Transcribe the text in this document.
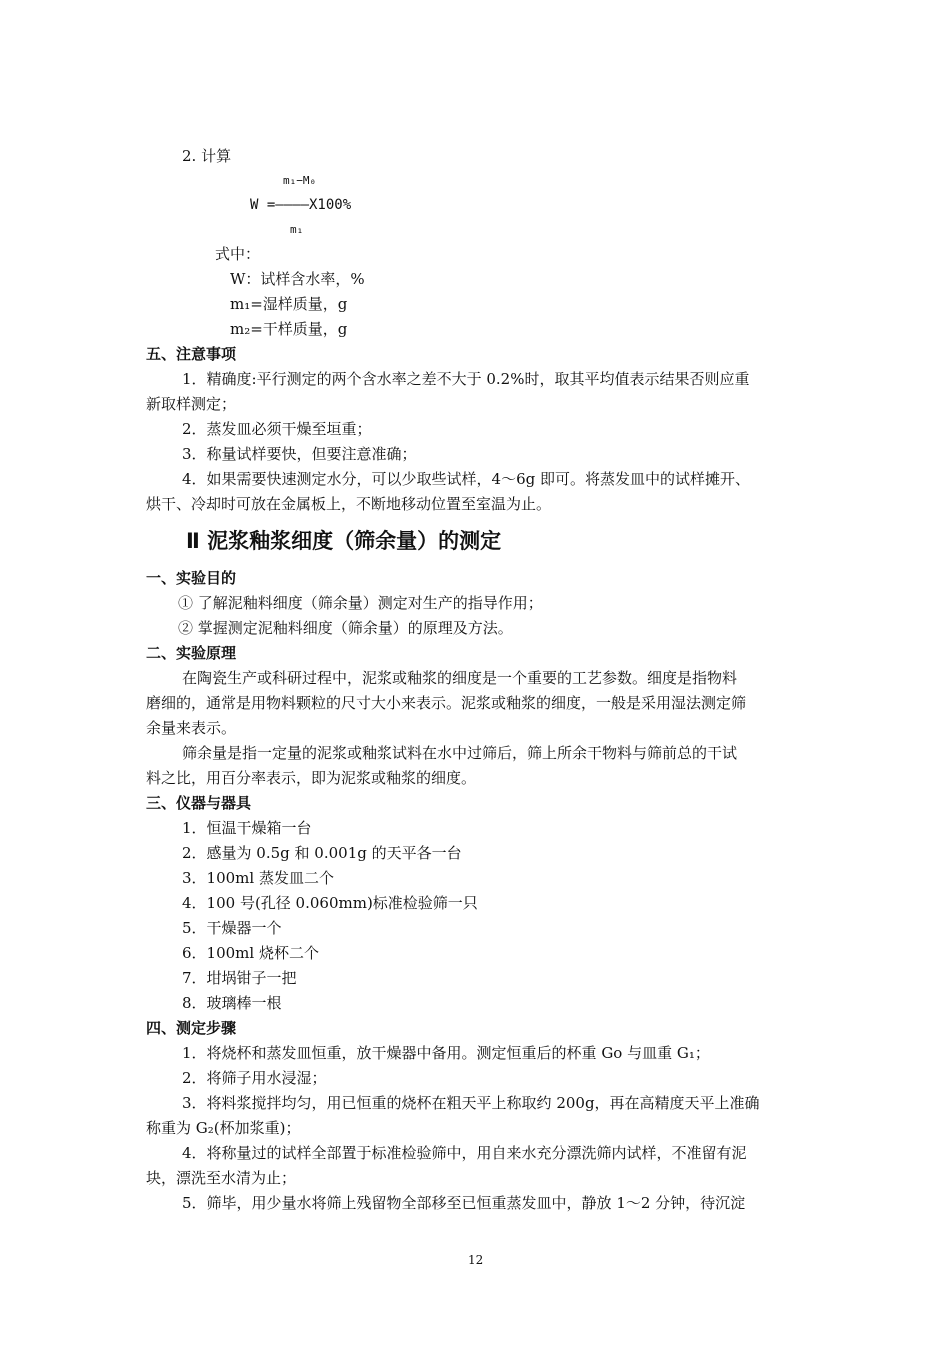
2. 计算
m₁−M₀
W =————X100%
m₁
式中：
W：试样含水率，%
m₁=湿样质量，g
m₂=干样质量，g
五、注意事项
1．精确度:平行测定的两个含水率之差不大于 0.2%时，取其平均值表示结果否则应重
新取样测定；
2．蒸发皿必须干燥至垣重；
3．称量试样要快，但要注意准确；
4．如果需要快速测定水分，可以少取些试样，4～6g 即可。将蒸发皿中的试样摊开、
烘干、冷却时可放在金属板上，不断地移动位置至室温为止。
Ⅱ 泥浆釉浆细度（筛余量）的测定
一、实验目的
① 了解泥釉料细度（筛余量）测定对生产的指导作用；
② 掌握测定泥釉料细度（筛余量）的原理及方法。
二、实验原理
在陶瓷生产或科研过程中，泥浆或釉浆的细度是一个重要的工艺参数。细度是指物料
磨细的，通常是用物料颗粒的尺寸大小来表示。泥浆或釉浆的细度，一般是采用湿法测定筛
余量来表示。
筛余量是指一定量的泥浆或釉浆试料在水中过筛后，筛上所余干物料与筛前总的干试
料之比，用百分率表示，即为泥浆或釉浆的细度。
三、仪器与器具
1．恒温干燥箱一台
2．感量为 0.5g 和 0.001g 的天平各一台
3．100ml 蒸发皿二个
4．100 号(孔径 0.060mm)标准检验筛一只
5．干燥器一个
6．100ml 烧杯二个
7．坩埚钳子一把
8．玻璃棒一根
四、测定步骤
1．将烧杯和蒸发皿恒重，放干燥器中备用。测定恒重后的杯重 Go 与皿重 G₁；
2．将筛子用水浸湿；
3．将料浆搅拌均匀，用已恒重的烧杯在粗天平上称取约 200g，再在高精度天平上准确
称重为 G₂(杯加浆重)；
4．将称量过的试样全部置于标准检验筛中，用自来水充分漂洗筛内试样，不准留有泥
块，漂洗至水清为止；
5．筛毕，用少量水将筛上残留物全部移至已恒重蒸发皿中，静放 1～2 分钟，待沉淀
12
